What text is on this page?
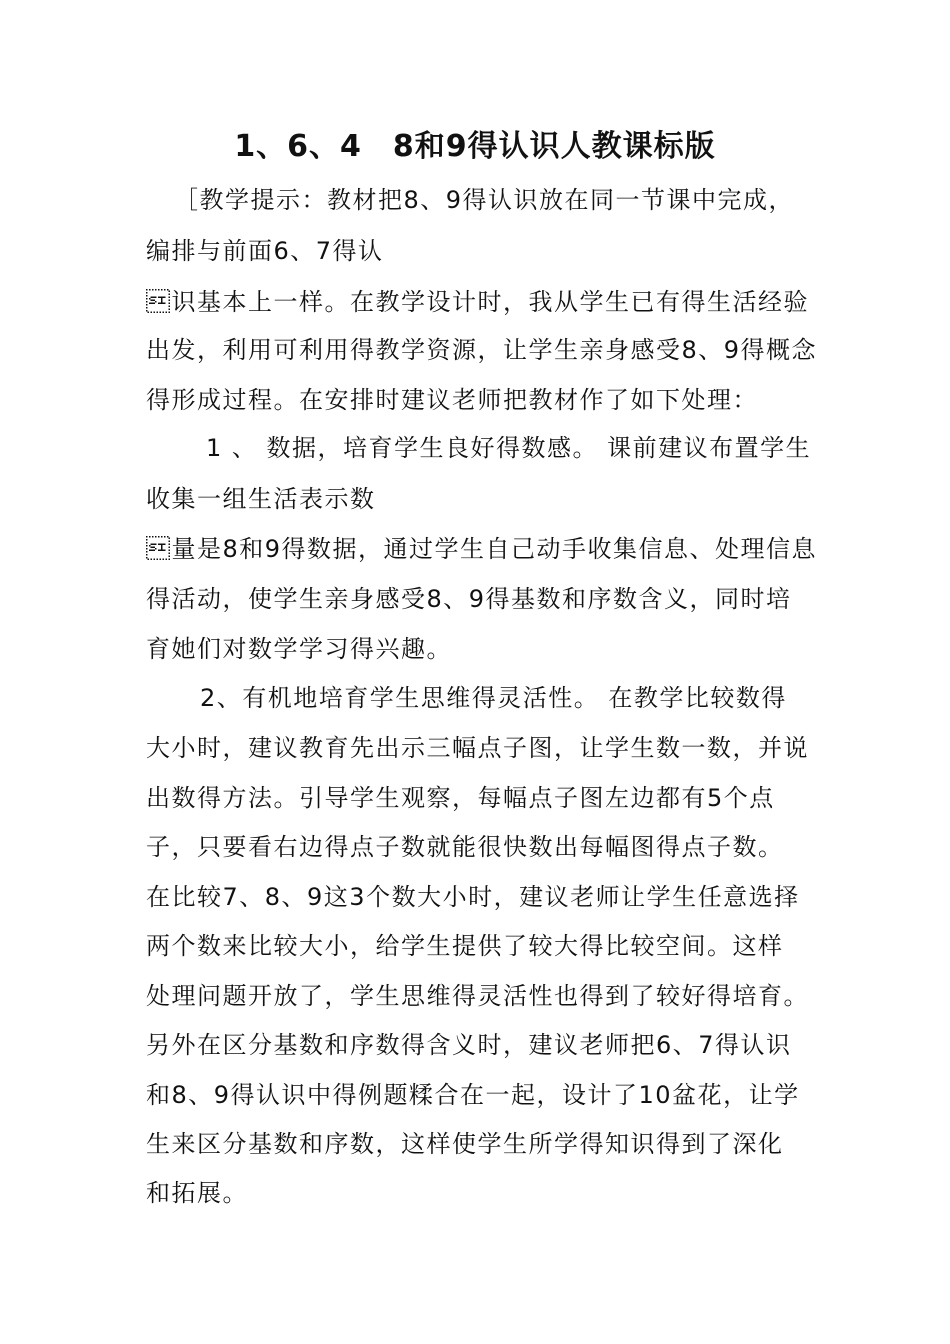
1、6、4　8和9得认识人教课标版
［教学提示：教材把8、9得认识放在同一节课中完成，
编排与前面6、7得认
识基本上一样。在教学设计时，我从学生已有得生活经验
出发，利用可利用得教学资源，让学生亲身感受8、9得概念
得形成过程。在安排时建议老师把教材作了如下处理：
1 、 数据，培育学生良好得数感。 课前建议布置学生
收集一组生活表示数
量是8和9得数据，通过学生自己动手收集信息、处理信息
得活动，使学生亲身感受8、9得基数和序数含义，同时培
育她们对数学学习得兴趣。
2、有机地培育学生思维得灵活性。 在教学比较数得
大小时，建议教育先出示三幅点子图，让学生数一数，并说
出数得方法。引导学生观察，每幅点子图左边都有5个点
子，只要看右边得点子数就能很快数出每幅图得点子数。
在比较7、8、9这3个数大小时，建议老师让学生任意选择
两个数来比较大小，给学生提供了较大得比较空间。这样
处理问题开放了，学生思维得灵活性也得到了较好得培育。
另外在区分基数和序数得含义时，建议老师把6、7得认识
和8、9得认识中得例题糅合在一起，设计了10盆花，让学
生来区分基数和序数，这样使学生所学得知识得到了深化
和拓展。
